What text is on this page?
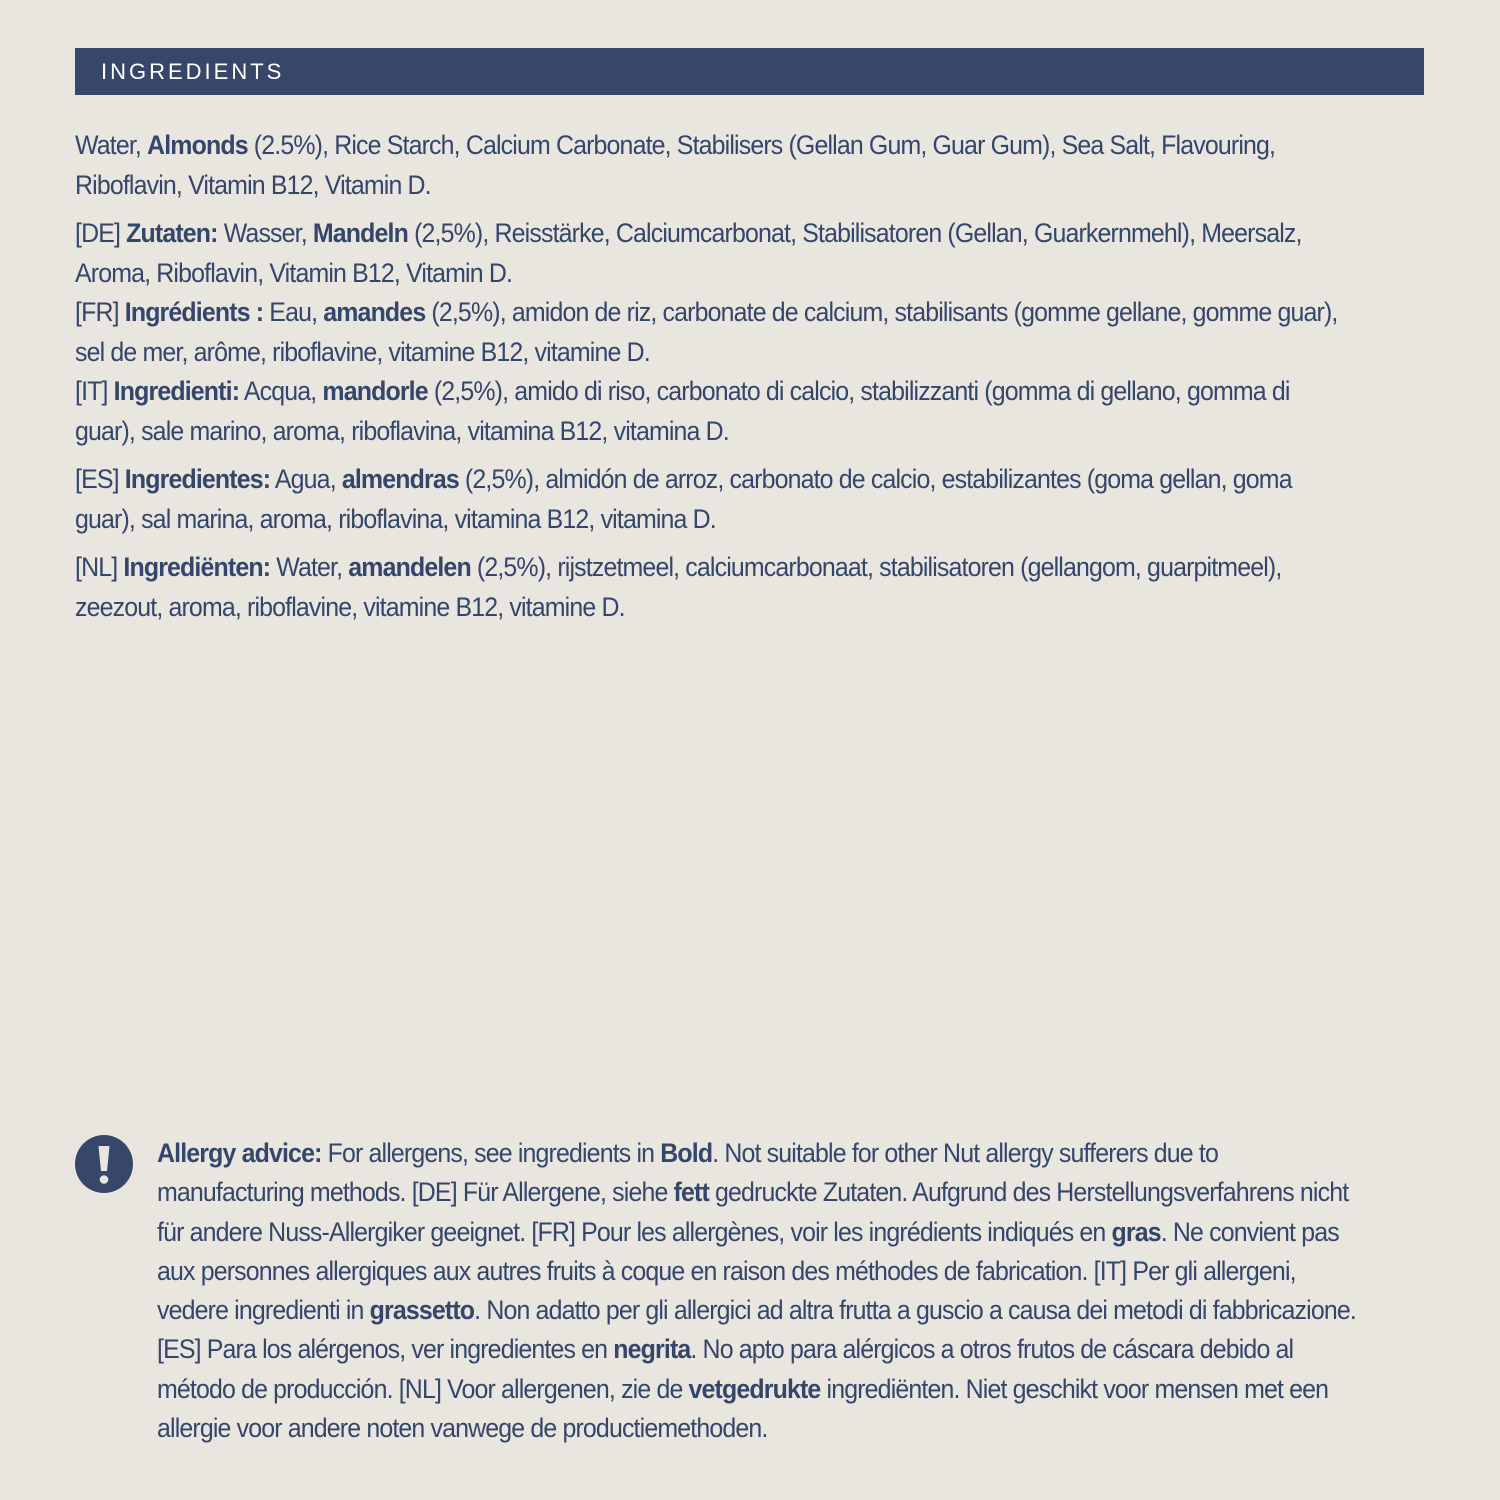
INGREDIENTS

Water, Almonds (2.5%), Rice Starch, Calcium Carbonate, Stabilisers (Gellan Gum, Guar Gum), Sea Salt, Flavouring, Riboflavin, Vitamin B12, Vitamin D.

[DE] Zutaten: Wasser, Mandeln (2,5%), Reisstärke, Calciumcarbonat, Stabilisatoren (Gellan, Guarkernmehl), Meersalz, Aroma, Riboflavin, Vitamin B12, Vitamin D.

[FR] Ingrédients : Eau, amandes (2,5%), amidon de riz, carbonate de calcium, stabilisants (gomme gellane, gomme guar), sel de mer, arôme, riboflavine, vitamine B12, vitamine D.

[IT] Ingredienti: Acqua, mandorle (2,5%), amido di riso, carbonato di calcio, stabilizzanti (gomma di gellano, gomma di guar), sale marino, aroma, riboflavina, vitamina B12, vitamina D.

[ES] Ingredientes: Agua, almendras (2,5%), almidón de arroz, carbonato de calcio, estabilizantes (goma gellan, goma guar), sal marina, aroma, riboflavina, vitamina B12, vitamina D.

[NL] Ingrediënten: Water, amandelen (2,5%), rijstzetmeel, calciumcarbonaat, stabilisatoren (gellangom, guarpitmeel), zeezout, aroma, riboflavine, vitamine B12, vitamine D.

Allergy advice: For allergens, see ingredients in Bold. Not suitable for other Nut allergy sufferers due to manufacturing methods. [DE] Für Allergene, siehe fett gedruckte Zutaten. Aufgrund des Herstellungsverfahrens nicht für andere Nuss-Allergiker geeignet. [FR] Pour les allergènes, voir les ingrédients indiqués en gras. Ne convient pas aux personnes allergiques aux autres fruits à coque en raison des méthodes de fabrication. [IT] Per gli allergeni, vedere ingredienti in grassetto. Non adatto per gli allergici ad altra frutta a guscio a causa dei metodi di fabbricazione. [ES] Para los alérgenos, ver ingredientes en negrita. No apto para alérgicos a otros frutos de cáscara debido al método de producción. [NL] Voor allergenen, zie de vetgedrukte ingrediënten. Niet geschikt voor mensen met een allergie voor andere noten vanwege de productiemethoden.
